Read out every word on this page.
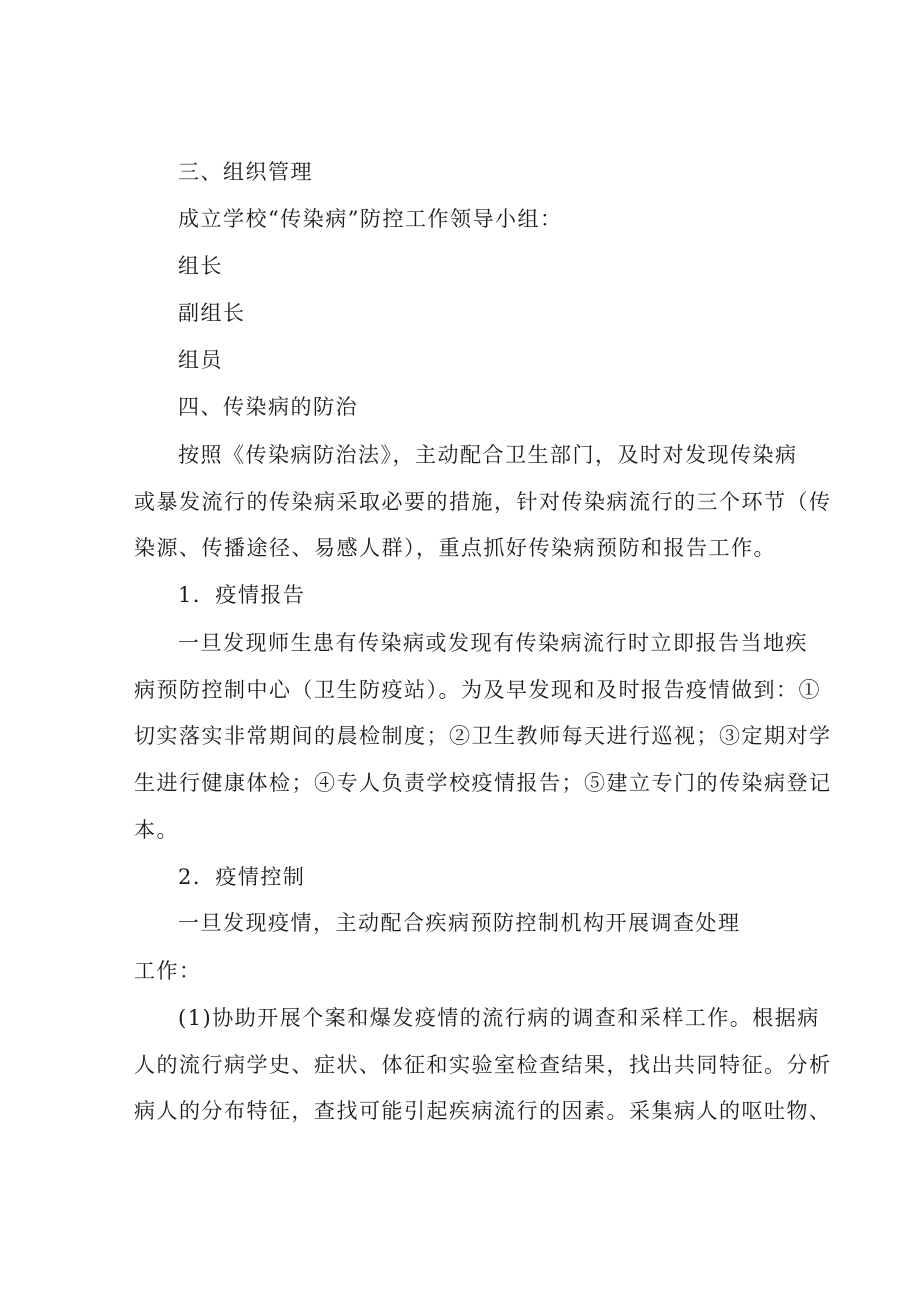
三、组织管理
成立学校“传染病”防控工作领导小组：
组长
副组长
组员
四、传染病的防治
按照《传染病防治法》，主动配合卫生部门，及时对发现传染病
或暴发流行的传染病采取必要的措施，针对传染病流行的三个环节（传
染源、传播途径、易感人群），重点抓好传染病预防和报告工作。
1．疫情报告
一旦发现师生患有传染病或发现有传染病流行时立即报告当地疾
病预防控制中心（卫生防疫站）。为及早发现和及时报告疫情做到：①
切实落实非常期间的晨检制度；②卫生教师每天进行巡视；③定期对学
生进行健康体检；④专人负责学校疫情报告；⑤建立专门的传染病登记
本。
2．疫情控制
一旦发现疫情，主动配合疾病预防控制机构开展调查处理
工作：
(1)协助开展个案和爆发疫情的流行病的调查和采样工作。根据病
人的流行病学史、症状、体征和实验室检查结果，找出共同特征。分析
病人的分布特征，查找可能引起疾病流行的因素。采集病人的呕吐物、
